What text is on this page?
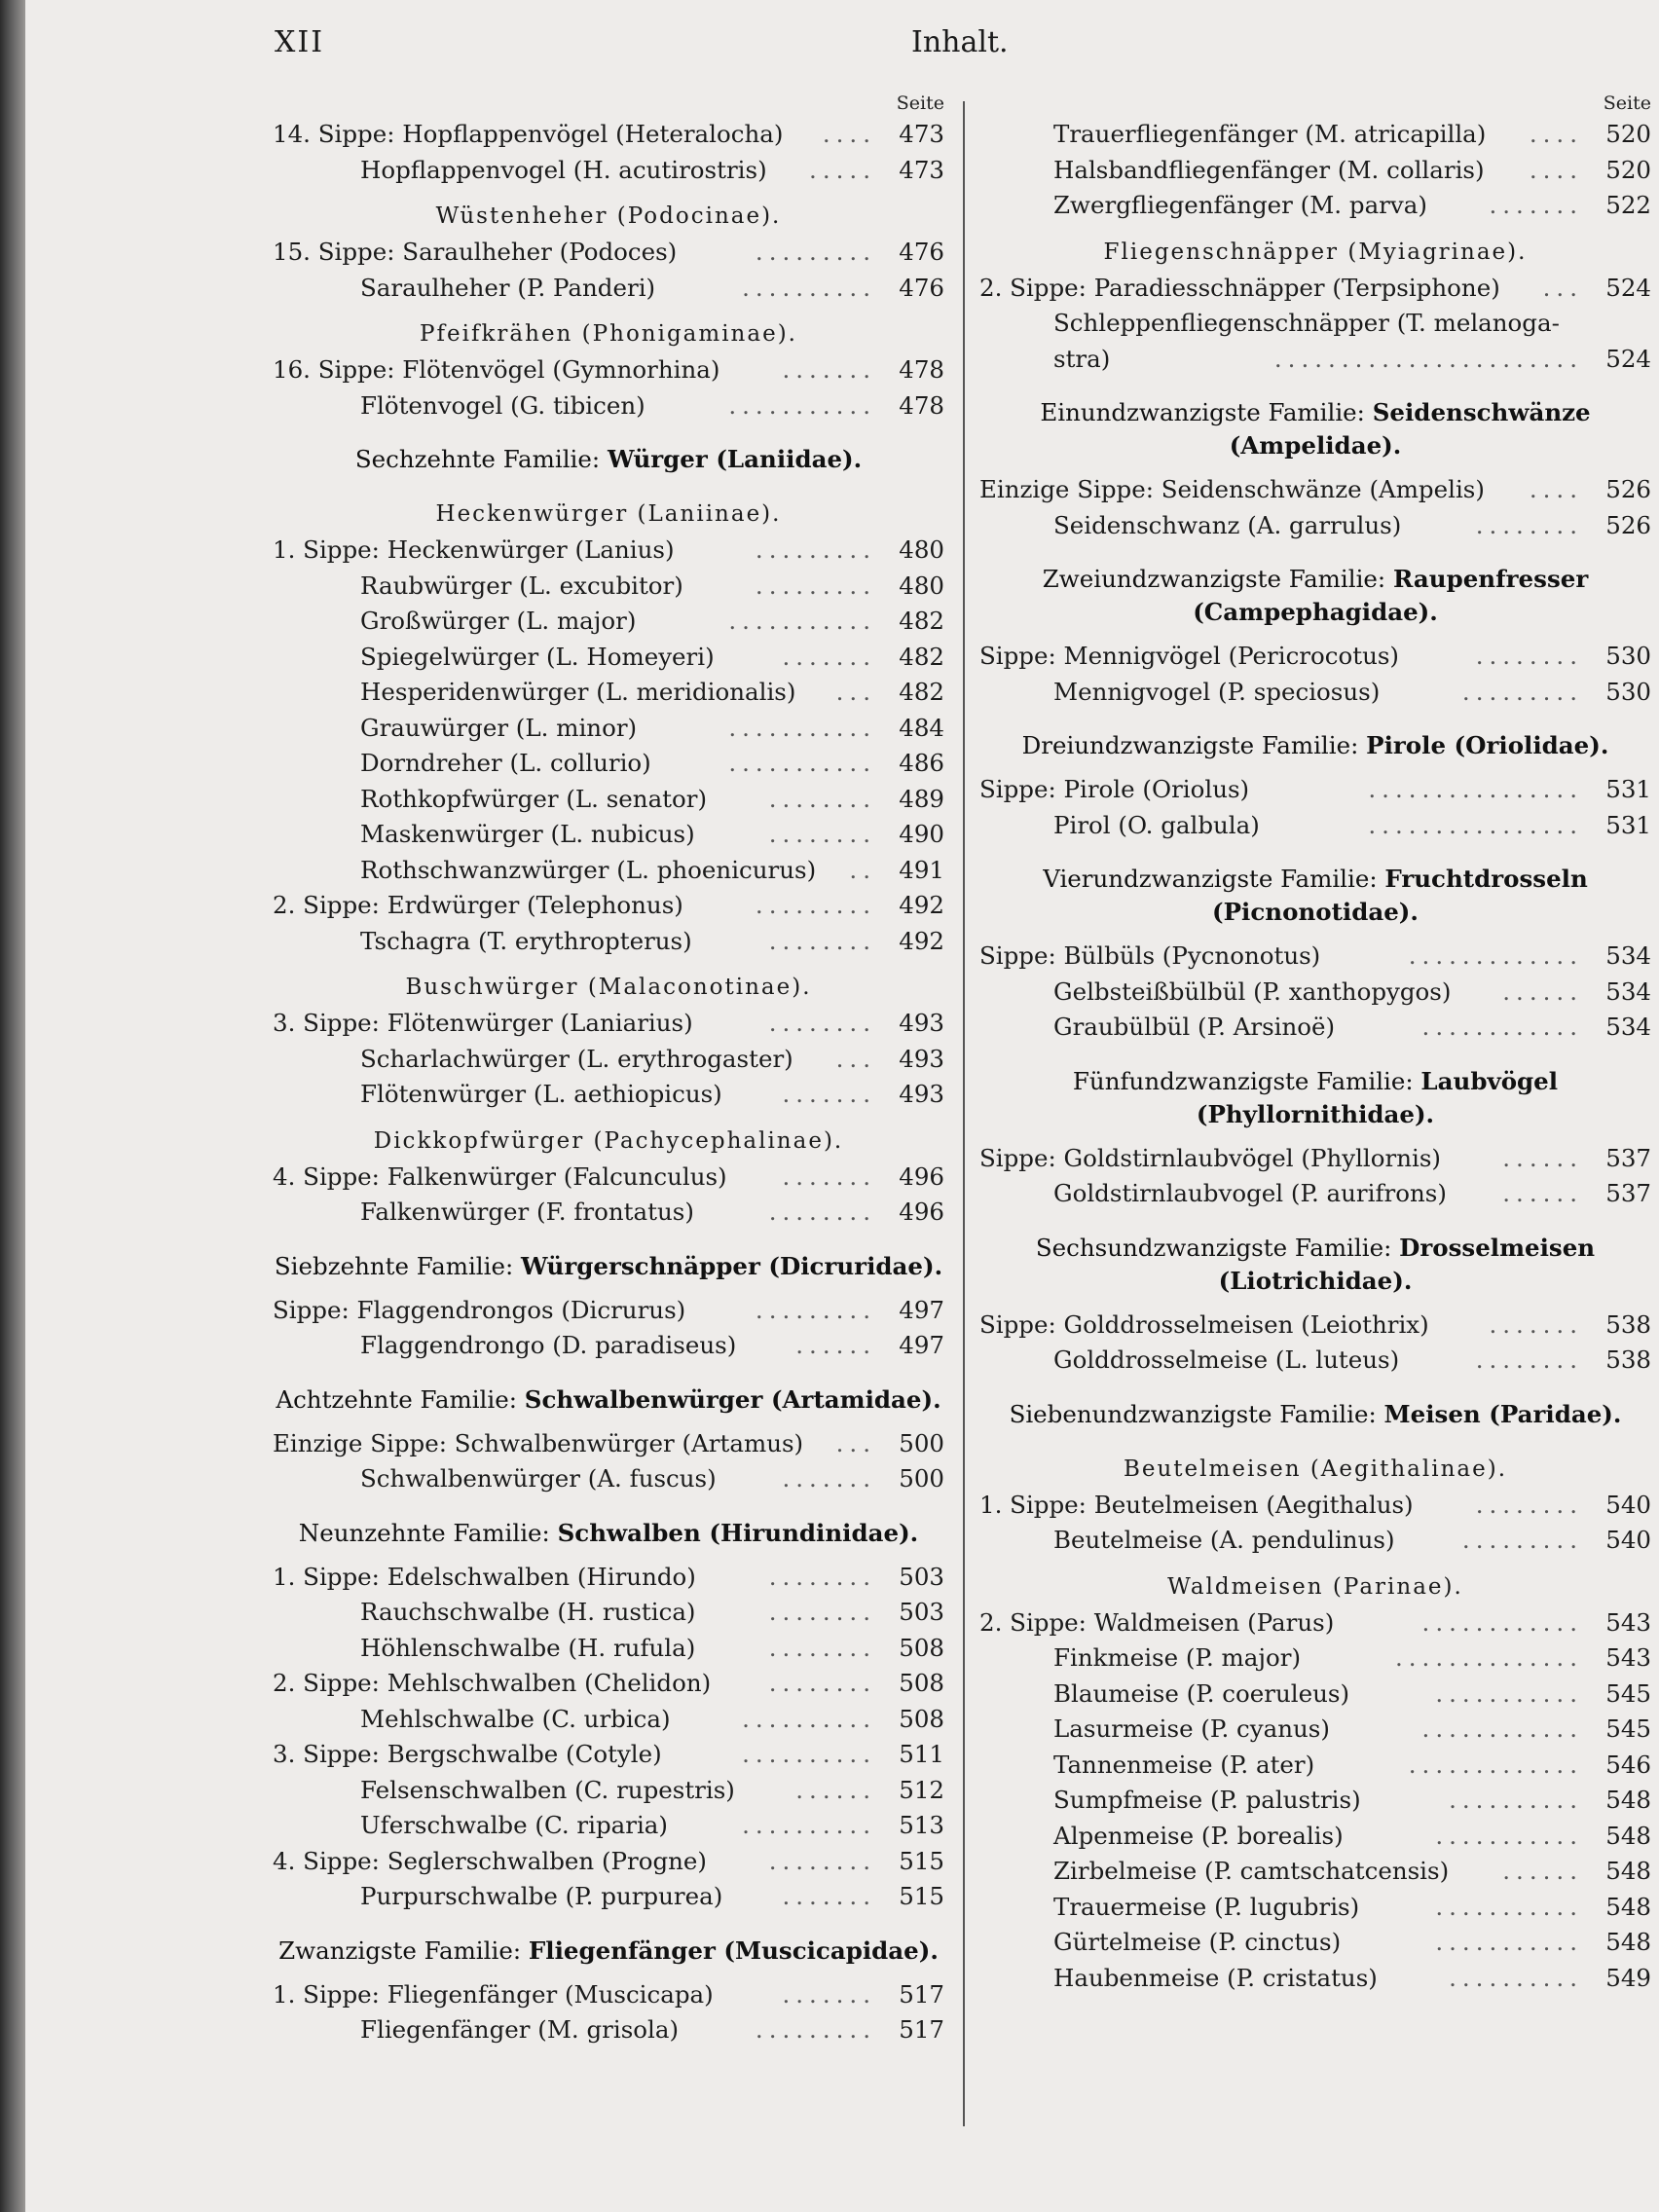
XII	Inhalt.
Seite
14. Sippe: Hopflappenvögel (Heteralocha) .... 473
Hopflappenvogel (H. acutirostris) ..... 473
Wüstenheher (Podocinae).
15. Sippe: Saraulheher (Podoces)	......... 476
Saraulheher (P. Panderi)	.......... 476
Pfeifkrähen (Phonigaminae).
16. Sippe: Flötenvögel (Gymnorhina)	....... 478
Flötenvogel (G. tibicen)	........... 478
Sechzehnte Familie: Würger (Laniidae).
Heckenwürger (Laniinae).
1. Sippe: Heckenwürger (Lanius)	......... 480
Raubwürger (L. excubitor)	......... 480
Großwürger (L. major)	........... 482
Spiegelwürger (L. Homeyeri)	....... 482
Hesperidenwürger (L. meridionalis) ... 482
Grauwürger (L. minor)	........... 484
Dorndreher (L. collurio)	........... 486
Rothkopfwürger (L. senator)	........ 489
Maskenwürger (L. nubicus)	........ 490
Rothschwanzwürger (L. phoenicurus) .. 491
2. Sippe: Erdwürger (Telephonus)	......... 492
Tschagra (T. erythropterus)	........ 492
Buschwürger (Malaconotinae).
3. Sippe: Flötenwürger (Laniarius)	........ 493
Scharlachwürger (L. erythrogaster) ... 493
Flötenwürger (L. aethiopicus)	....... 493
Dickkopfwürger (Pachycephalinae).
4. Sippe: Falkenwürger (Falcunculus) ....... 496
Falkenwürger (F. frontatus)	........ 496
Siebzehnte Familie: Würgerschnäpper (Dicruridae).
Sippe: Flaggendrongos (Dicrurus)	......... 497
Flaggendrongo (D. paradiseus) ...... 497
Achtzehnte Familie: Schwalbenwürger (Artamidae).
Einzige Sippe: Schwalbenwürger (Artamus) ... 500
Schwalbenwürger (A. fuscus)	....... 500
Neunzehnte Familie: Schwalben (Hirundinidae).
1. Sippe: Edelschwalben (Hirundo)	........ 503
Rauchschwalbe (H. rustica)	........ 503
Höhlenschwalbe (H. rufula)	........ 508
2. Sippe: Mehlschwalben (Chelidon) ........ 508
Mehlschwalbe (C. urbica)	.......... 508
3. Sippe: Bergschwalbe (Cotyle)	.......... 511
Felsenschwalben (C. rupestris)	...... 512
Uferschwalbe (C. riparia)	.......... 513
4. Sippe: Seglerschwalben (Progne)	........ 515
Purpurschwalbe (P. purpurea) ....... 515
Zwanzigste Familie: Fliegenfänger (Muscicapidae).
1. Sippe: Fliegenfänger (Muscicapa)	....... 517
Fliegenfänger (M. grisola)	......... 517
Seite
Trauerfliegenfänger (M. atricapilla) .... 520
Halsbandfliegenfänger (M. collaris) .... 520
Zwergfliegenfänger (M. parva)	....... 522
Fliegenschnäpper (Myiagrinae).
2. Sippe: Paradiesschnäpper (Terpsiphone) ... 524
Schleppenfliegenschnäpper (T. melanoga-
stra)	....................... 524
Einundzwanzigste Familie: Seidenschwänze
(Ampelidae).
Einzige Sippe: Seidenschwänze (Ampelis) .... 526
Seidenschwanz (A. garrulus)	........ 526
Zweiundzwanzigste Familie: Raupenfresser
(Campephagidae).
Sippe: Mennigvögel (Pericrocotus)	........ 530
Mennigvogel (P. speciosus)	......... 530
Dreiundzwanzigste Familie: Pirole (Oriolidae).
Sippe: Pirole (Oriolus)	................ 531
Pirol (O. galbula)	................ 531
Vierundzwanzigste Familie: Fruchtdrosseln
(Picnonotidae).
Sippe: Bülbüls (Pycnonotus)	............. 534
Gelbsteißbülbül (P. xanthopygos) ...... 534
Graubülbül (P. Arsinoë)	............ 534
Fünfundzwanzigste Familie: Laubvögel
(Phyllornithidae).
Sippe: Goldstirnlaubvögel (Phyllornis)	...... 537
Goldstirnlaubvogel (P. aurifrons) ...... 537
Sechsundzwanzigste Familie: Drosselmeisen
(Liotrichidae).
Sippe: Golddrosselmeisen (Leiothrix)	....... 538
Golddrosselmeise (L. luteus)	........ 538
Siebenundzwanzigste Familie: Meisen (Paridae).
Beutelmeisen (Aegithalinae).
1. Sippe: Beutelmeisen (Aegithalus)	........ 540
Beutelmeise (A. pendulinus)	......... 540
Waldmeisen (Parinae).
2. Sippe: Waldmeisen (Parus)	............ 543
Finkmeise (P. major)	.............. 543
Blaumeise (P. coeruleus)	........... 545
Lasurmeise (P. cyanus)	............ 545
Tannenmeise (P. ater)	............. 546
Sumpfmeise (P. palustris)	.......... 548
Alpenmeise (P. borealis)	........... 548
Zirbelmeise (P. camtschatcensis) ...... 548
Trauermeise (P. lugubris)	........... 548
Gürtelmeise (P. cinctus)	........... 548
Haubenmeise (P. cristatus)	.......... 549
